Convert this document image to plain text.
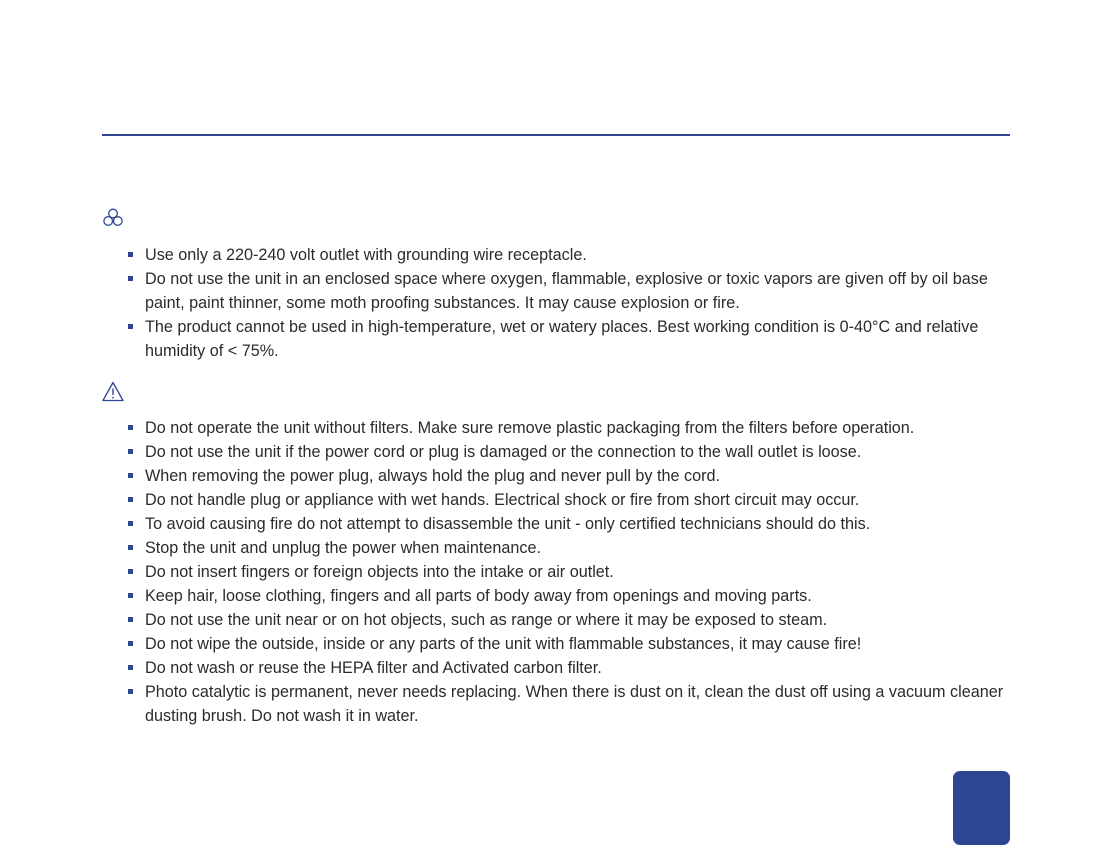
Use only a 220-240 volt outlet with grounding wire receptacle.
Do not use the unit in an enclosed space where oxygen, flammable, explosive or toxic vapors are given off by oil base paint, paint thinner, some moth proofing substances. It may cause explosion or fire.
The product cannot be used in high-temperature, wet or watery places. Best working condition is 0-40°C and relative humidity of < 75%.
Do not operate the unit without filters. Make sure remove plastic packaging from the filters before operation.
Do not use the unit if the power cord or plug is damaged or the connection to the wall outlet is loose.
When removing the power plug, always hold the plug and never pull by the cord.
Do not handle plug or appliance with wet hands. Electrical shock or fire from short circuit may occur.
To avoid causing fire do not attempt to disassemble the unit - only certified technicians should do this.
Stop the unit and unplug the power when maintenance.
Do not insert fingers or foreign objects into the intake or air outlet.
Keep hair, loose clothing, fingers and all parts of body away from openings and moving parts.
Do not use the unit near or on hot objects, such as range or where it may be exposed to steam.
Do not wipe the outside, inside or any parts of the unit with flammable substances, it may cause fire!
Do not wash or reuse the HEPA filter and Activated carbon filter.
Photo catalytic is permanent, never needs replacing. When there is dust on it, clean the dust off using a vacuum cleaner dusting brush. Do not wash it in water.
